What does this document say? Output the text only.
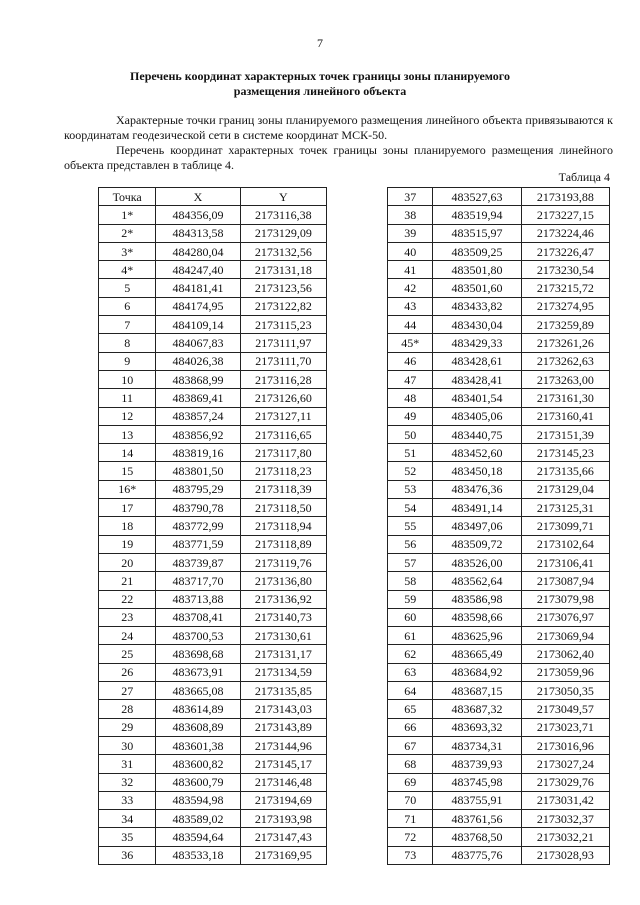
7
Перечень координат характерных точек границы зоны планируемого
размещения линейного объекта
Характерные точки границ зоны планируемого размещения линейного объекта привязываются к координатам геодезической сети в системе координат МСК-50.
Перечень координат характерных точек границы зоны планируемого размещения линейного объекта представлен в таблице 4.
Таблица 4
Точка	X	Y
1*	484356,09	2173116,38
2*	484313,58	2173129,09
3*	484280,04	2173132,56
4*	484247,40	2173131,18
5	484181,41	2173123,56
6	484174,95	2173122,82
7	484109,14	2173115,23
8	484067,83	2173111,97
9	484026,38	2173111,70
10	483868,99	2173116,28
11	483869,41	2173126,60
12	483857,24	2173127,11
13	483856,92	2173116,65
14	483819,16	2173117,80
15	483801,50	2173118,23
16*	483795,29	2173118,39
17	483790,78	2173118,50
18	483772,99	2173118,94
19	483771,59	2173118,89
20	483739,87	2173119,76
21	483717,70	2173136,80
22	483713,88	2173136,92
23	483708,41	2173140,73
24	483700,53	2173130,61
25	483698,68	2173131,17
26	483673,91	2173134,59
27	483665,08	2173135,85
28	483614,89	2173143,03
29	483608,89	2173143,89
30	483601,38	2173144,96
31	483600,82	2173145,17
32	483600,79	2173146,48
33	483594,98	2173194,69
34	483589,02	2173193,98
35	483594,64	2173147,43
36	483533,18	2173169,95
37	483527,63	2173193,88
38	483519,94	2173227,15
39	483515,97	2173224,46
40	483509,25	2173226,47
41	483501,80	2173230,54
42	483501,60	2173215,72
43	483433,82	2173274,95
44	483430,04	2173259,89
45*	483429,33	2173261,26
46	483428,61	2173262,63
47	483428,41	2173263,00
48	483401,54	2173161,30
49	483405,06	2173160,41
50	483440,75	2173151,39
51	483452,60	2173145,23
52	483450,18	2173135,66
53	483476,36	2173129,04
54	483491,14	2173125,31
55	483497,06	2173099,71
56	483509,72	2173102,64
57	483526,00	2173106,41
58	483562,64	2173087,94
59	483586,98	2173079,98
60	483598,66	2173076,97
61	483625,96	2173069,94
62	483665,49	2173062,40
63	483684,92	2173059,96
64	483687,15	2173050,35
65	483687,32	2173049,57
66	483693,32	2173023,71
67	483734,31	2173016,96
68	483739,93	2173027,24
69	483745,98	2173029,76
70	483755,91	2173031,42
71	483761,56	2173032,37
72	483768,50	2173032,21
73	483775,76	2173028,93
